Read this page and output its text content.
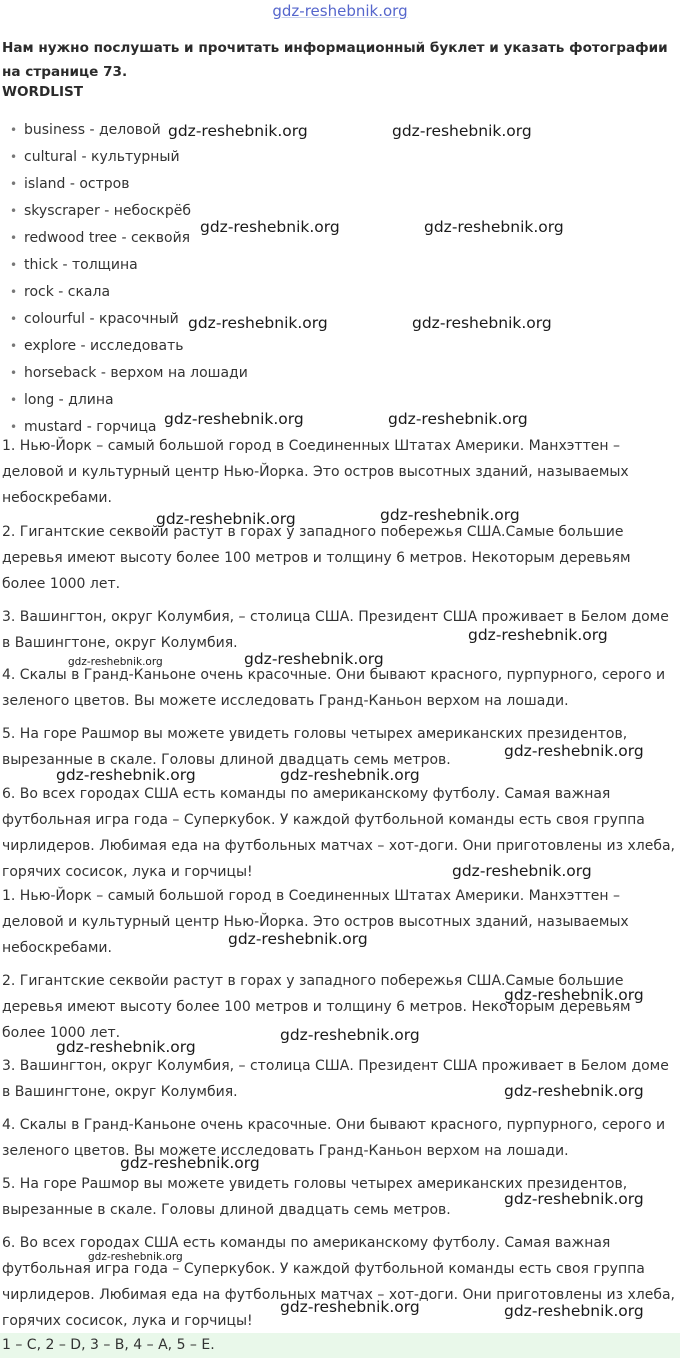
gdz-reshebnik.org
Нам нужно послушать и прочитать информационный буклет и указать фотографии на странице 73.
WORDLIST
• business - деловой
• cultural - культурный
• island - остров
• skyscraper - небоскрёб
• redwood tree - секвойя
• thick - толщина
• rock - скала
• colourful - красочный
• explore - исследовать
• horseback - верхом на лошади
• long - длина
• mustard - горчица

1. Нью-Йорк – самый большой город в Соединенных Штатах Америки. Манхэттен – деловой и культурный центр Нью-Йорка. Это остров высотных зданий, называемых небоскребами.

2. Гигантские секвойи растут в горах у западного побережья США.Самые большие деревья имеют высоту более 100 метров и толщину 6 метров. Некоторым деревьям более 1000 лет.

3. Вашингтон, округ Колумбия, – столица США. Президент США проживает в Белом доме в Вашингтоне, округ Колумбия.

4. Скалы в Гранд-Каньоне очень красочные. Они бывают красного, пурпурного, серого и зеленого цветов. Вы можете исследовать Гранд-Каньон верхом на лошади.

5. На горе Рашмор вы можете увидеть головы четырех американских президентов, вырезанные в скале. Головы длиной двадцать семь метров.

6. Во всех городах США есть команды по американскому футболу. Самая важная футбольная игра года – Суперкубок. У каждой футбольной команды есть своя группа чирлидеров. Любимая еда на футбольных матчах – хот-доги. Они приготовлены из хлеба, горячих сосисок, лука и горчицы!

1. Нью-Йорк – самый большой город в Соединенных Штатах Америки. Манхэттен – деловой и культурный центр Нью-Йорка. Это остров высотных зданий, называемых небоскребами.

2. Гигантские секвойи растут в горах у западного побережья США.Самые большие деревья имеют высоту более 100 метров и толщину 6 метров. Некоторым деревьям более 1000 лет.

3. Вашингтон, округ Колумбия, – столица США. Президент США проживает в Белом доме в Вашингтоне, округ Колумбия.

4. Скалы в Гранд-Каньоне очень красочные. Они бывают красного, пурпурного, серого и зеленого цветов. Вы можете исследовать Гранд-Каньон верхом на лошади.

5. На горе Рашмор вы можете увидеть головы четырех американских президентов, вырезанные в скале. Головы длиной двадцать семь метров.

6. Во всех городах США есть команды по американскому футболу. Самая важная футбольная игра года – Суперкубок. У каждой футбольной команды есть своя группа чирлидеров. Любимая еда на футбольных матчах – хот-доги. Они приготовлены из хлеба, горячих сосисок, лука и горчицы!

1 – C, 2 – D, 3 – B, 4 – A, 5 – E.
gdz-reshebnik.org	gdz-reshebnik.org
gdz-reshebnik.org	gdz-reshebnik.org
gdz-reshebnik.org	gdz-reshebnik.org
gdz-reshebnik.org	gdz-reshebnik.org
gdz-reshebnik.org	gdz-reshebnik.org
gdz-reshebnik.org
gdz-reshebnik.org	gdz-reshebnik.org
gdz-reshebnik.org
gdz-reshebnik.org	gdz-reshebnik.org
gdz-reshebnik.org
gdz-reshebnik.org
gdz-reshebnik.org
gdz-reshebnik.org
gdz-reshebnik.org
gdz-reshebnik.org
gdz-reshebnik.org
gdz-reshebnik.org
gdz-reshebnik.org
gdz-reshebnik.org	gdz-reshebnik.org
